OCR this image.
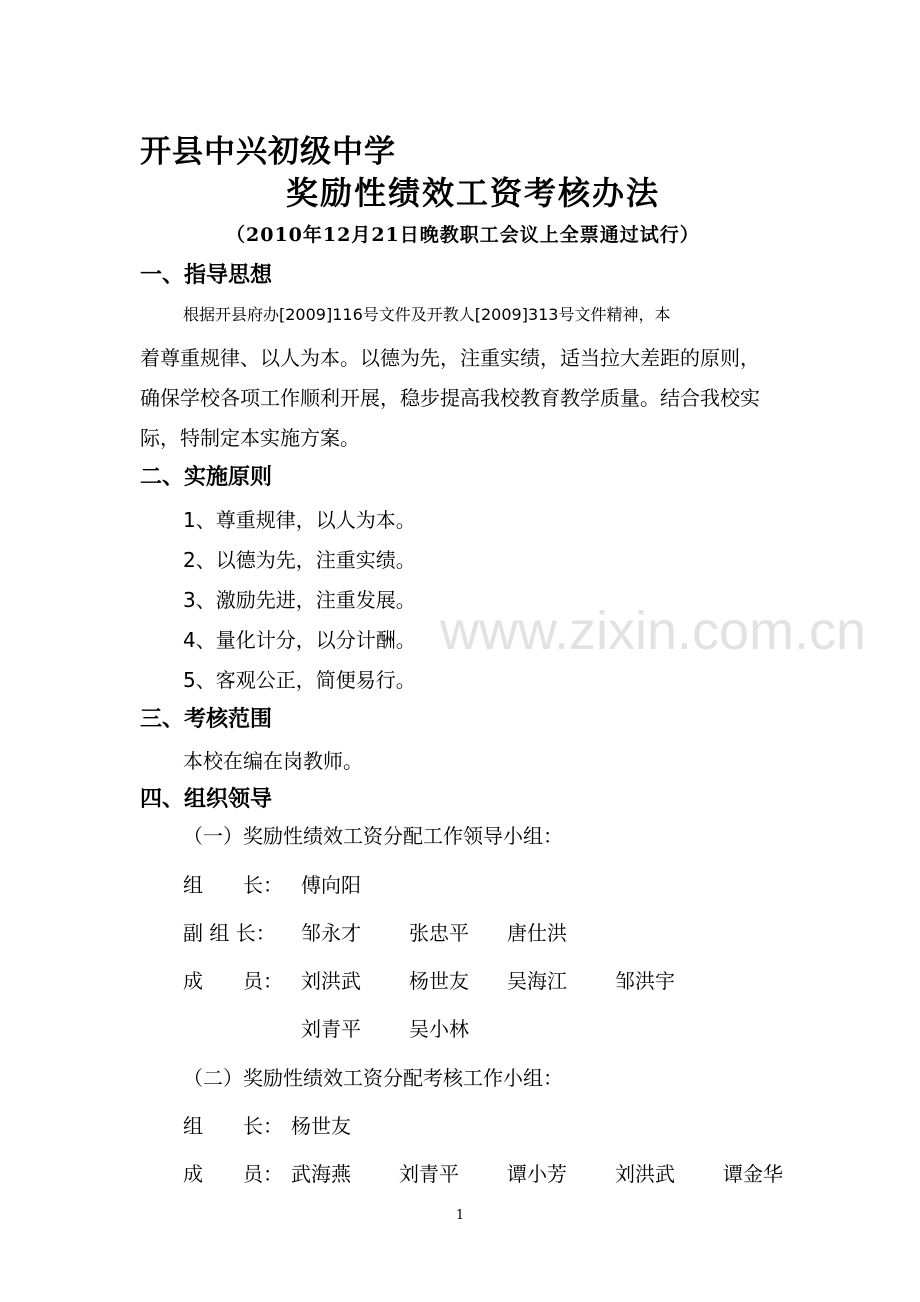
www.zixin.com.cn
开县中兴初级中学
奖励性绩效工资考核办法
（2010年12月21日晚教职工会议上全票通过试行）
一、指导思想
根据开县府办[2009]116号文件及开教人[2009]313号文件精神，本
着尊重规律、以人为本。以德为先，注重实绩，适当拉大差距的原则，
确保学校各项工作顺利开展，稳步提高我校教育教学质量。结合我校实
际，特制定本实施方案。
二、实施原则
1、尊重规律，以人为本。
2、以德为先，注重实绩。
3、激励先进，注重发展。
4、量化计分，以分计酬。
5、客观公正，简便易行。
三、考核范围
本校在编在岗教师。
四、组织领导
（一）奖励性绩效工资分配工作领导小组：
组　　长： 傅向阳
副 组 长： 邹永才 张忠平 唐仕洪
成　　员： 刘洪武 杨世友 吴海江 邹洪宇
刘青平 吴小林
（二）奖励性绩效工资分配考核工作小组：
组　　长： 杨世友
成　　员： 武海燕 刘青平 谭小芳 刘洪武 谭金华
1
